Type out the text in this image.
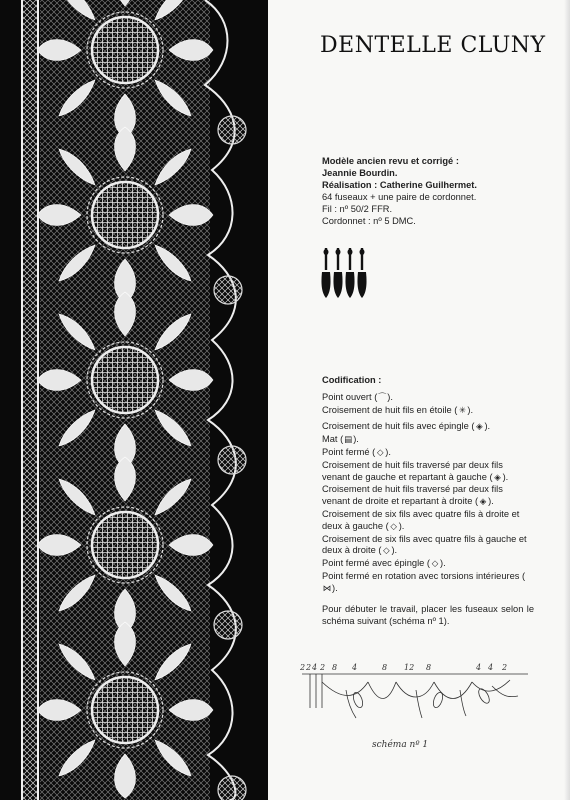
DENTELLE CLUNY
Modèle ancien revu et corrigé :
Jeannie Bourdin.
Réalisation : Catherine Guilhermet.
64 fuseaux + une paire de cordonnet.
Fil : nº 50/2 FFR.
Cordonnet : nº 5 DMC.
Codification :
Point ouvert (⌒).
Croisement de huit fils en étoile (✳).
Croisement de huit fils avec épingle ( ◈ ).
Mat (▤).
Point fermé ( ◇ ).
Croisement de huit fils traversé par deux fils venant de gauche et repartant à gauche ( ◈ ).
Croisement de huit fils traversé par deux fils venant de droite et repartant à droite ( ◈ ).
Croisement de six fils avec quatre fils à droite et deux à gauche ( ◇ ).
Croisement de six fils avec quatre fils à gauche et deux à droite ( ◇ ).
Point fermé avec épingle ( ◇ ).
Point fermé en rotation avec torsions intérieures (⋈).
Pour débuter le travail, placer les fuseaux selon le schéma suivant (schéma nº 1).
2 2 4 2 8 4	8 12 8	4 4 2
schéma nº 1
